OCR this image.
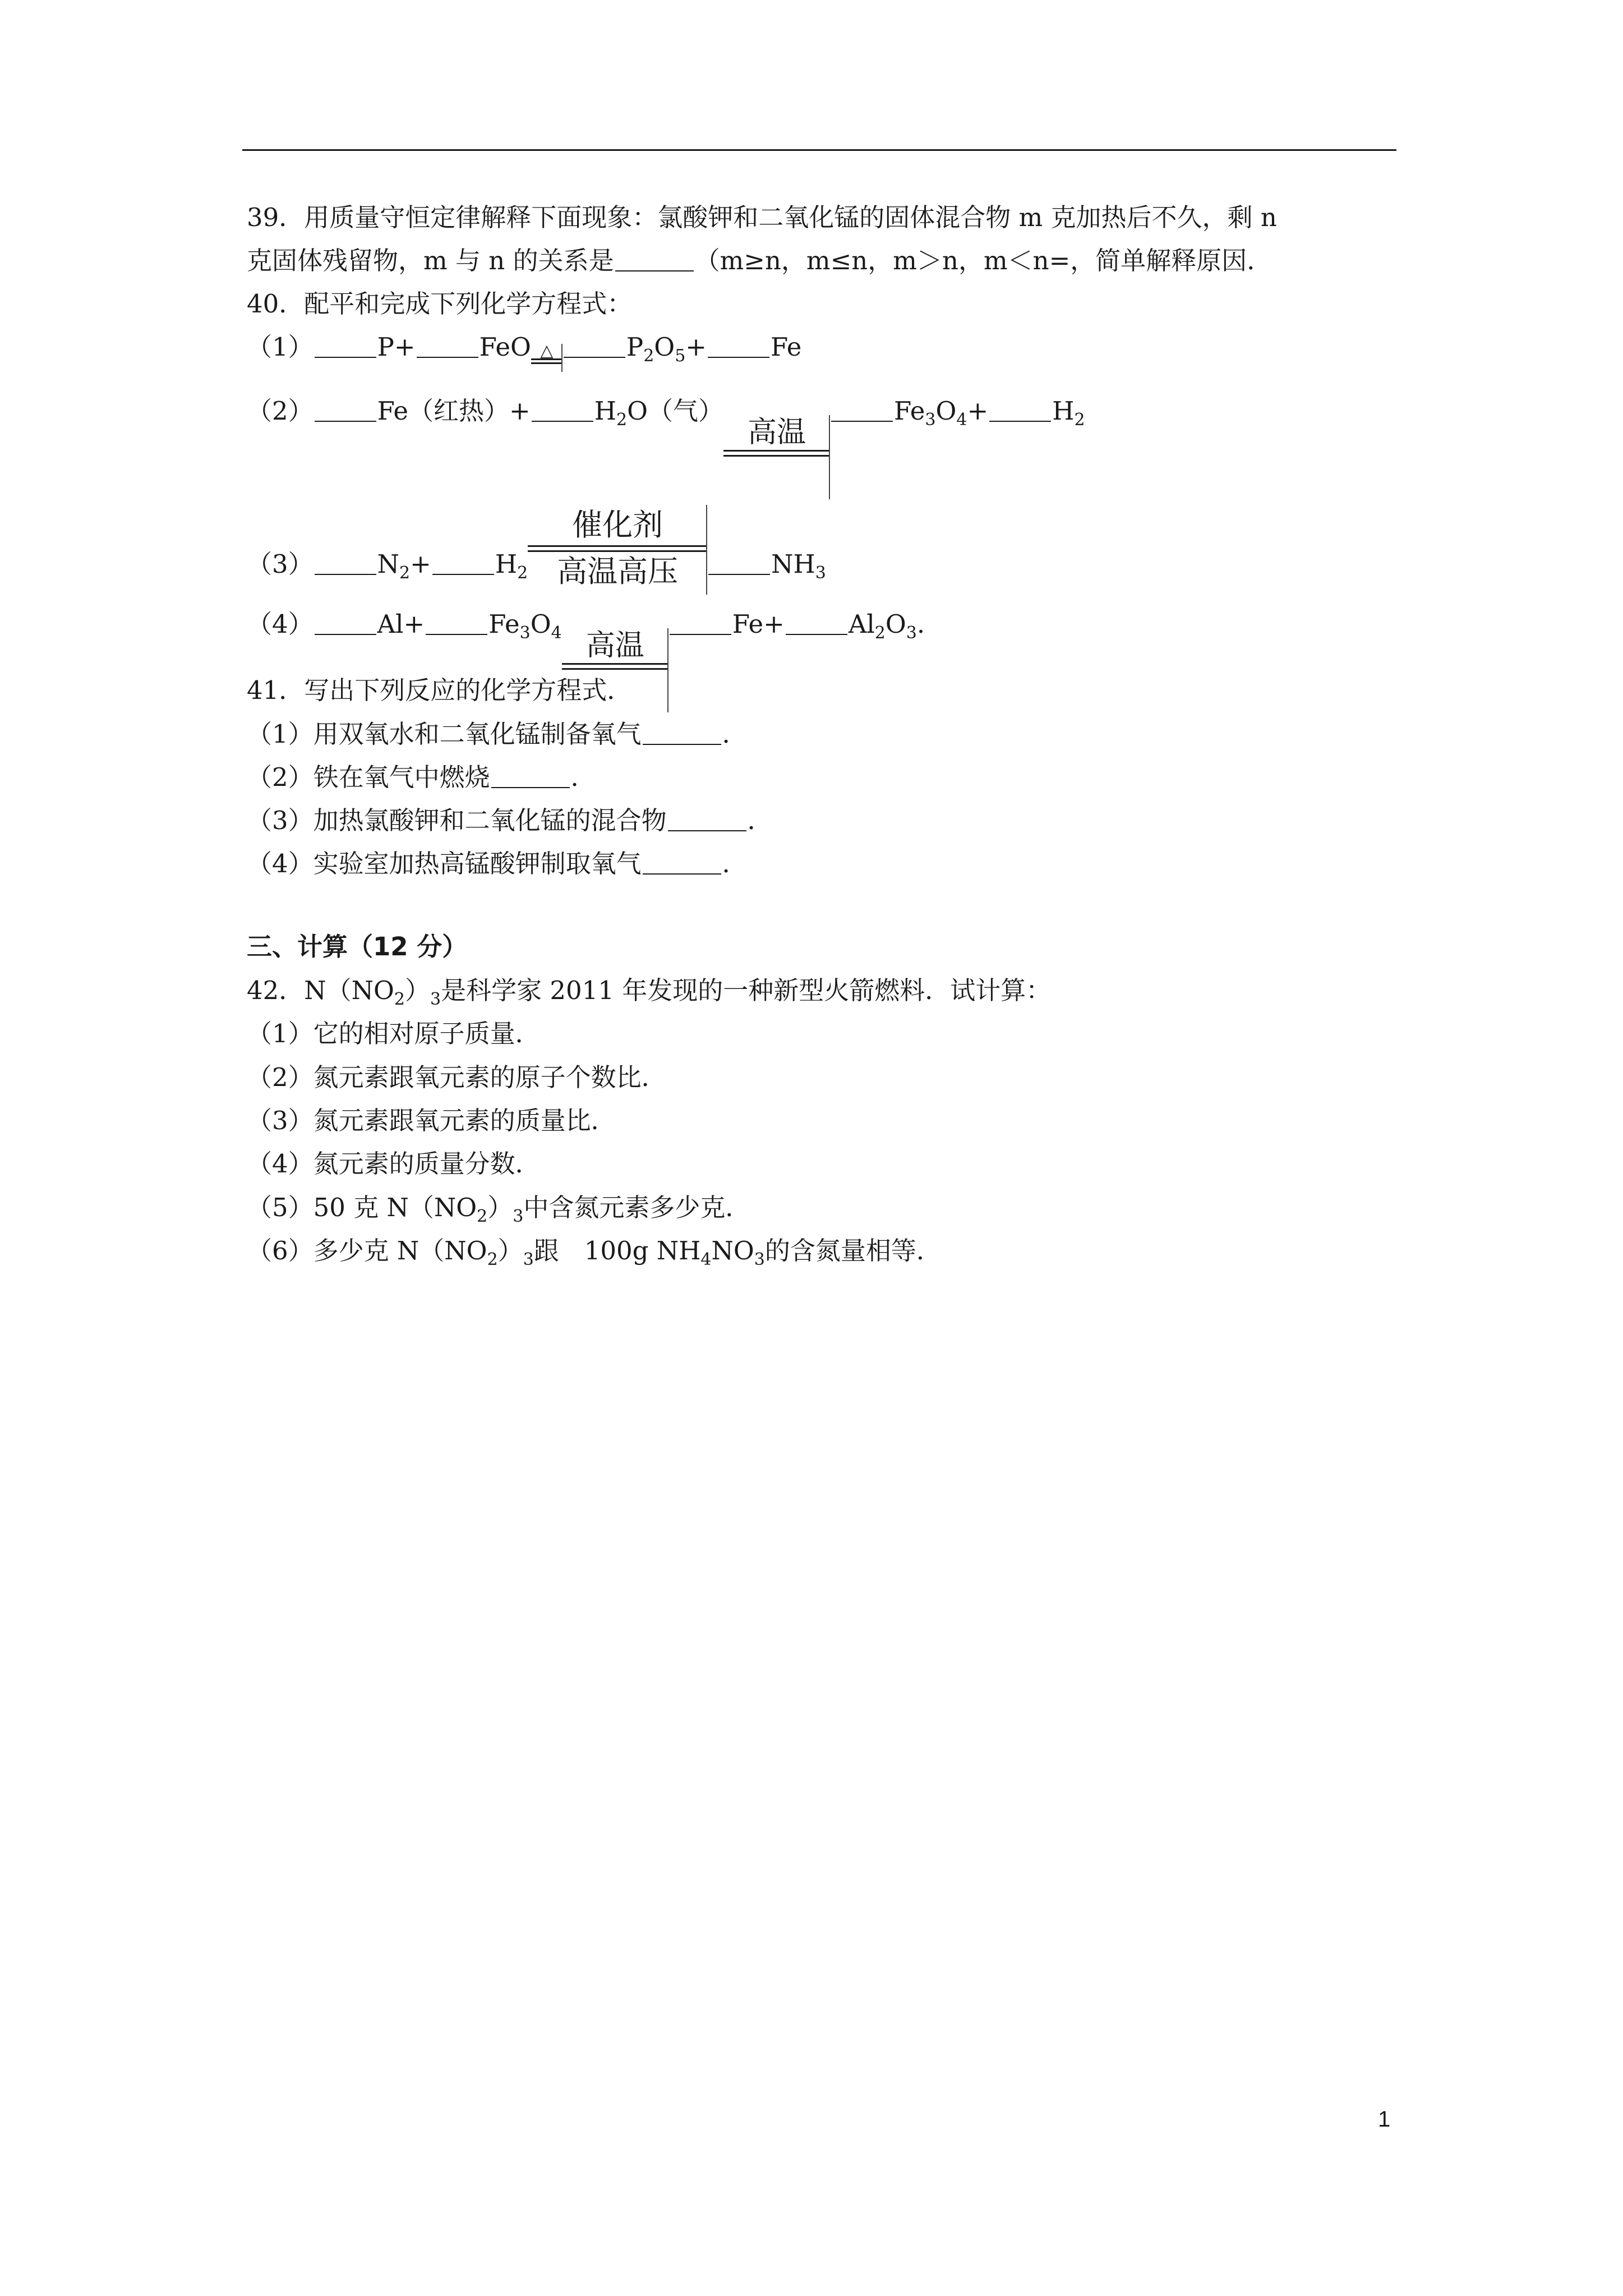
39．用质量守恒定律解释下面现象：氯酸钾和二氧化锰的固体混合物 m 克加热后不久，剩 n
克固体残留物，m 与 n 的关系是	（m≥n，m≤n，m＞n，m＜n=，简单解释原因．
40．配平和完成下列化学方程式：
（1）	P+	FeO △	$P_2O_5+$	Fe
（2）	Fe（红热）+	$H_2O$（气）
高温
$Fe_3O_4+$	$H_2$
（3）	$N_2+$	$H_2$
催化剂
高温高压	$NH_3$
（4）	Al+	$Fe_3O_4$ 高温
Fe+	$Al_2O_3$.
41．写出下列反应的化学方程式．
（1）用双氧水和二氧化锰制备氧气	．
（2）铁在氧气中燃烧	．
（3）加热氯酸钾和二氧化锰的混合物	．
（4）实验室加热高锰酸钾制取氧气	．
三、计算（12 分）
42．$N(NO_2)_3$是科学家 2011 年发现的一种新型火箭燃料．试计算：
（1）它的相对原子质量．
（2）氮元素跟氧元素的原子个数比．
（3）氮元素跟氧元素的质量比．
（4）氮元素的质量分数．
（5）50 克 $N(NO_2)_3$中含氮元素多少克．
（6）多少克 $N(NO_2)_3$跟　100g $NH_4NO_3$的含氮量相等．
1
